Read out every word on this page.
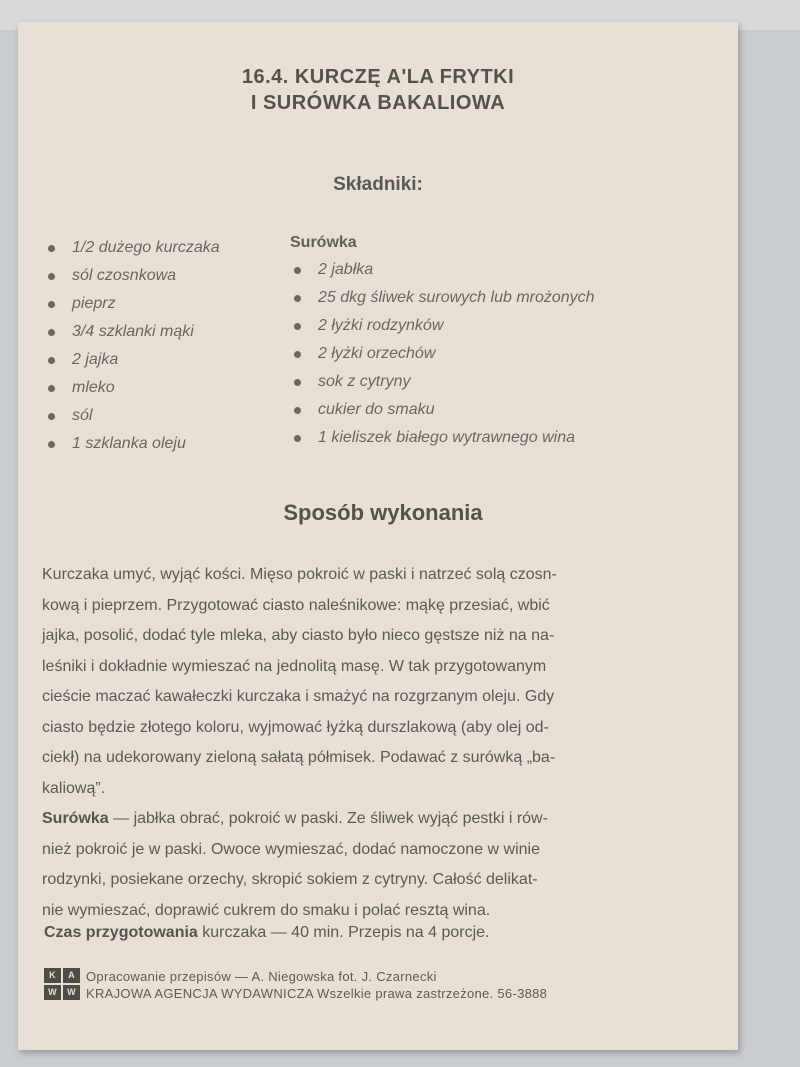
16.4. KURCZĘ A'LA FRYTKI
I SURÓWKA BAKALIOWA
Składniki:
1/2 dużego kurczaka
sól czosnkowa
pieprz
3/4 szklanki mąki
2 jajka
mleko
sól
1 szklanka oleju
Surówka
2 jabłka
25 dkg śliwek surowych lub mrożonych
2 łyżki rodzynków
2 łyżki orzechów
sok z cytryny
cukier do smaku
1 kieliszek białego wytrawnego wina
Sposób wykonania
Kurczaka umyć, wyjąć kości. Mięso pokroić w paski i natrzeć solą czosn-
kową i pieprzem. Przygotować ciasto naleśnikowe: mąkę przesiać, wbić
jajka, posolić, dodać tyle mleka, aby ciasto było nieco gęstsze niż na na-
leśniki i dokładnie wymieszać na jednolitą masę. W tak przygotowanym
cieście maczać kawałeczki kurczaka i smażyć na rozgrzanym oleju. Gdy
ciasto będzie złotego koloru, wyjmować łyżką durszlakową (aby olej od-
ciekł) na udekorowany zieloną sałatą półmisek. Podawać z surówką „bа-
kaliową”.
Surówka — jabłka obrać, pokroić w paski. Ze śliwek wyjąć pestki i rów-
nież pokroić je w paski. Owoce wymieszać, dodać namoczone w winie
rodzynki, posiekane orzechy, skropić sokiem z cytryny. Całość delikat-
nie wymieszać, doprawić cukrem do smaku i polać resztą wina.
Czas przygotowania kurczaka — 40 min. Przepis na 4 porcje.
K	A
W	W
Opracowanie przepisów — A. Niegowska fot. J. Czarnecki
KRAJOWA AGENCJA WYDAWNICZA Wszelkie prawa zastrzeżone. 56-3888
